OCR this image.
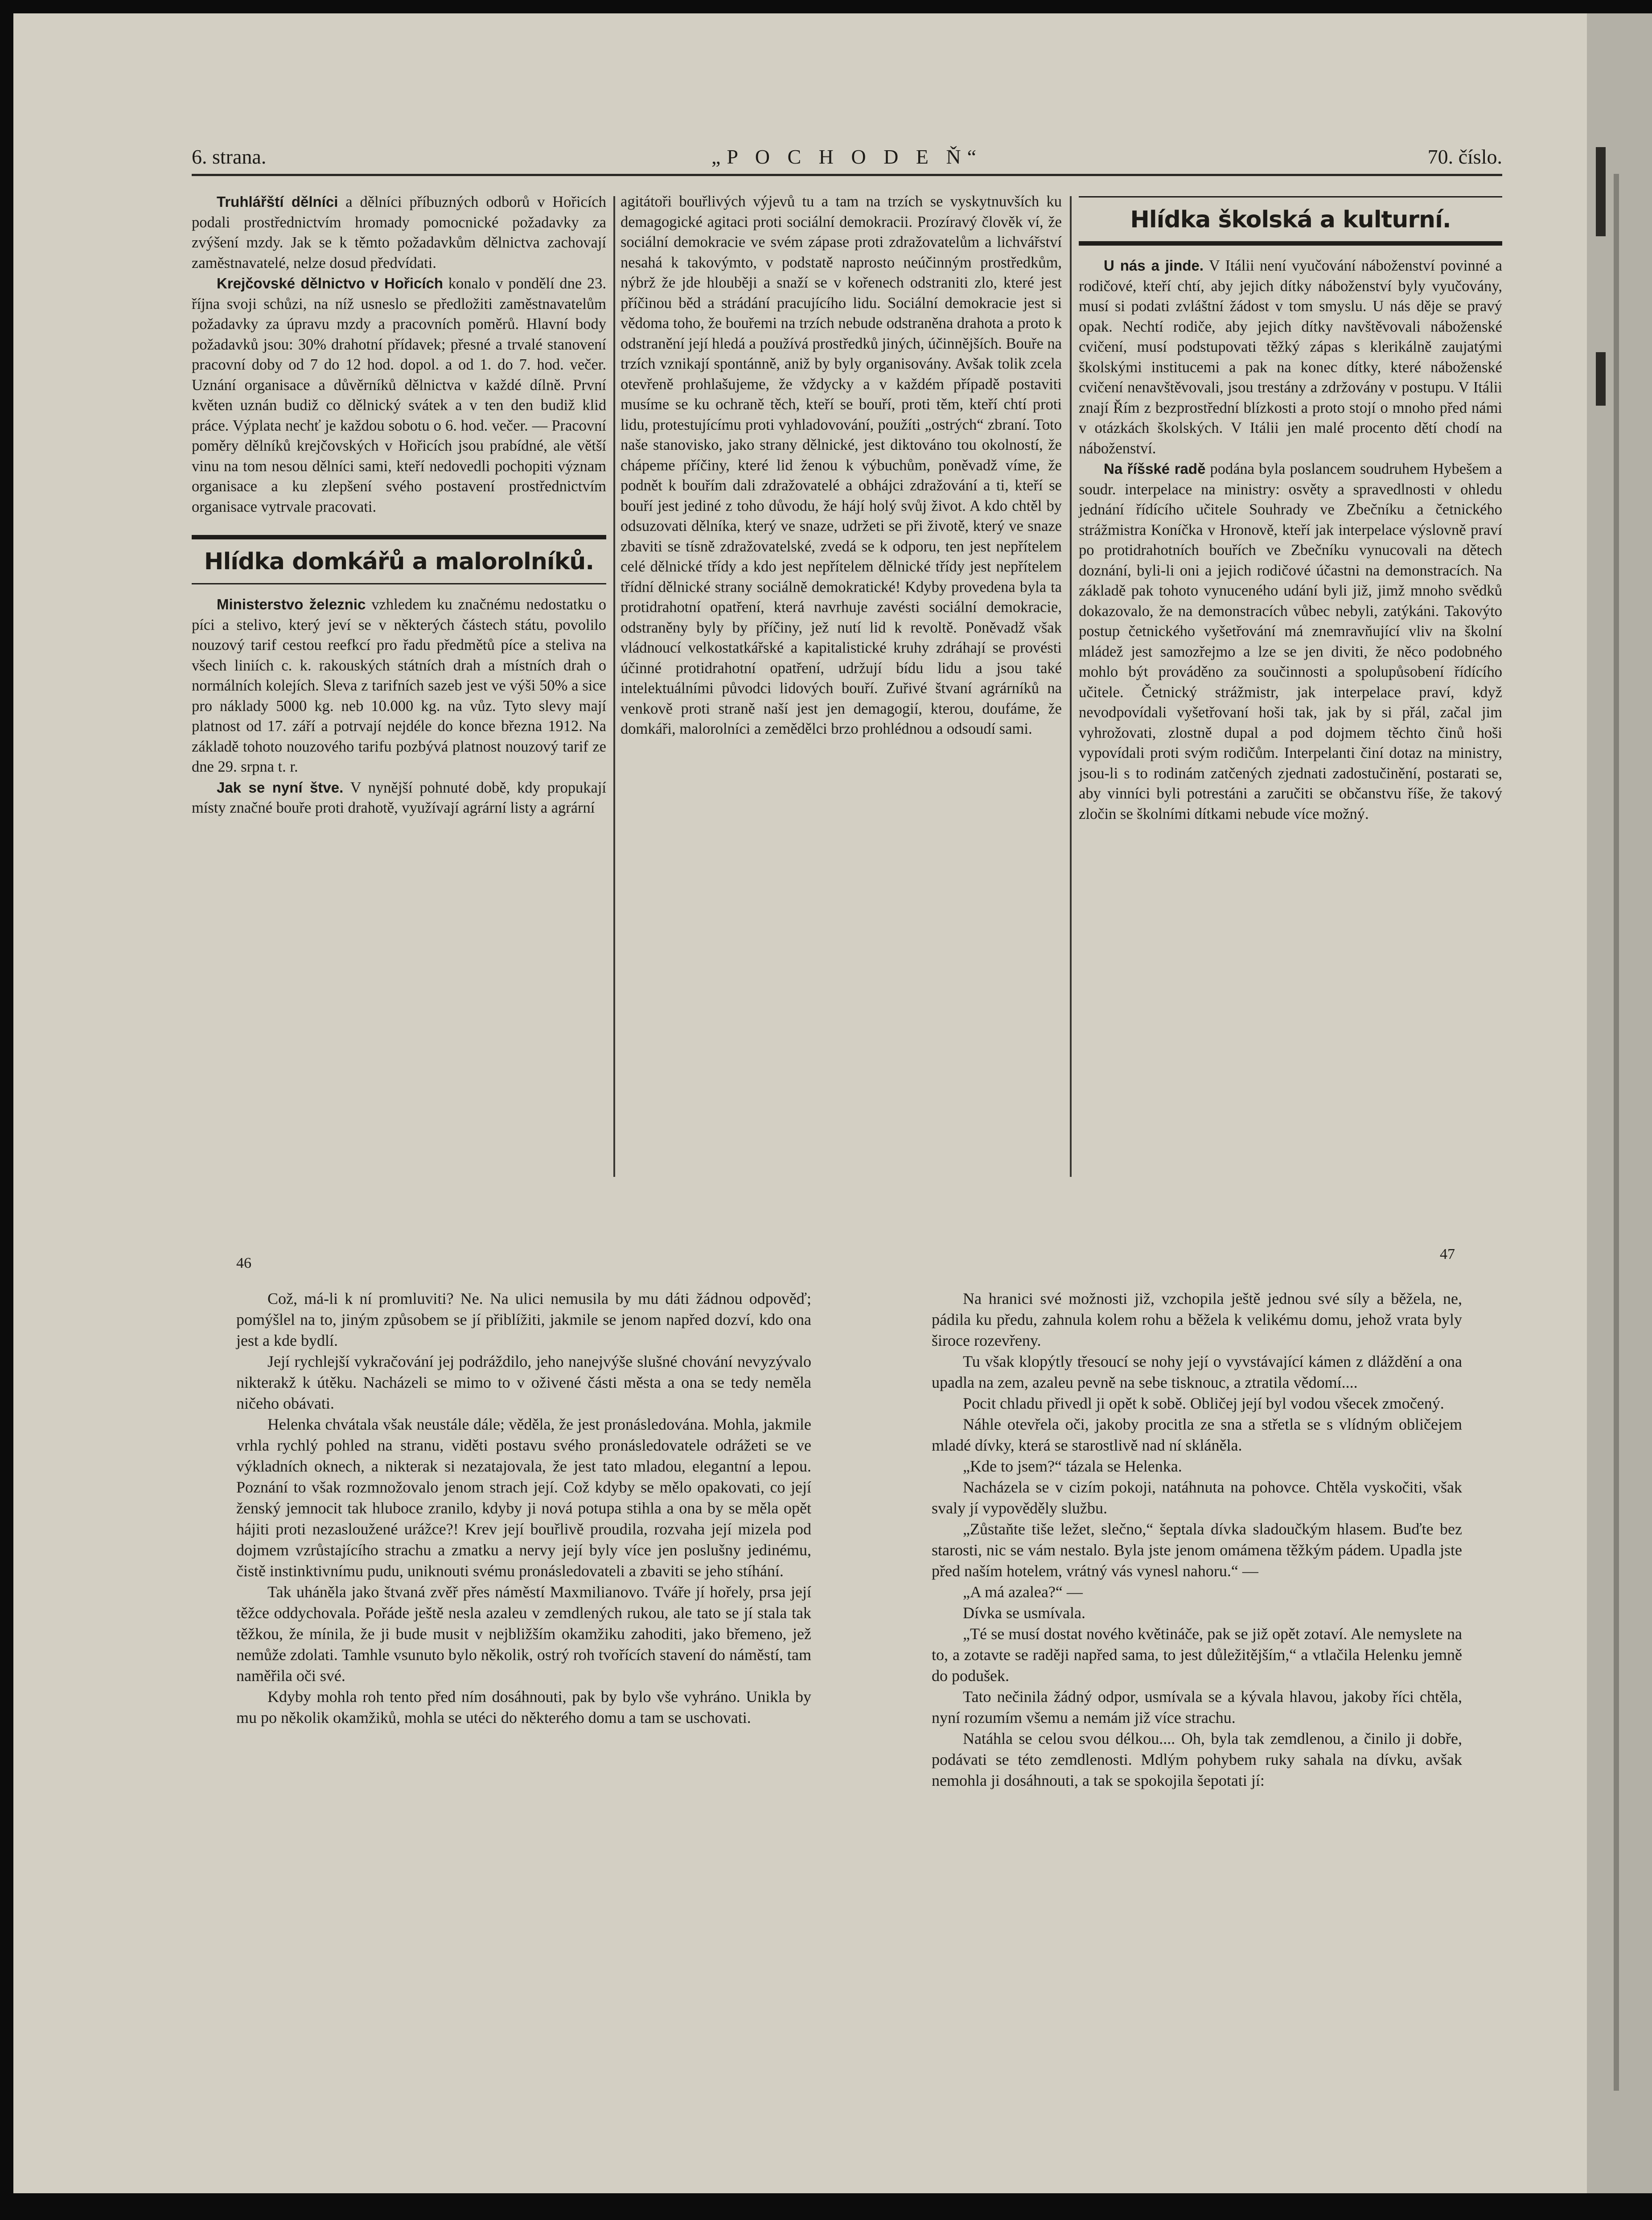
6. strana.	„P O C H O D E Ň“	70. číslo.

Truhlářští dělníci a dělníci příbuzných odborů v Hořicích podali prostřednictvím hromady pomocnické požadavky za zvýšení mzdy. Jak se k těmto požadavkům dělnictva zachovají zaměstnavatelé, nelze dosud předvídati.

Krejčovské dělnictvo v Hořicích konalo v pondělí dne 23. října svoji schůzi, na níž usneslo se předložiti zaměstnavatelům požadavky za úpravu mzdy a pracovních poměrů. Hlavní body požadavků jsou: 30% drahotní přídavek; přesné a trvalé stanovení pracovní doby od 7 do 12 hod. dopol. a od 1. do 7. hod. večer. Uznání organisace a důvěrníků dělnictva v každé dílně. První květen uznán budiž co dělnický svátek a v ten den budiž klid práce. Výplata nechť je každou sobotu o 6. hod. večer. — Pracovní poměry dělníků krejčovských v Hořicích jsou prabídné, ale větší vinu na tom nesou dělníci sami, kteří nedovedli pochopiti význam organisace a ku zlepšení svého postavení prostřednictvím organisace vytrvale pracovati.

Hlídka domkářů a malorolníků.

Ministerstvo železnic vzhledem ku značnému nedostatku o píci a stelivo, který jeví se v některých částech státu, povolilo nouzový tarif cestou reefkcí pro řadu předmětů píce a steliva na všech liniích c. k. rakouských státních drah a místních drah o normálních kolejích. Sleva z tarifních sazeb jest ve výši 50% a sice pro náklady 5000 kg. neb 10.000 kg. na vůz. Tyto slevy mají platnost od 17. září a potrvají nejdéle do konce března 1912. Na základě tohoto nouzového tarifu pozbývá platnost nouzový tarif ze dne 29. srpna t. r.

Jak se nyní štve. V nynější pohnuté době, kdy propukají místy značné bouře proti drahotě, využívají agrární listy a agrární

agitátoři bouřlivých výjevů tu a tam na trzích se vyskytnuvších ku demagogické agitaci proti sociální demokracii. Prozíravý člověk ví, že sociální demokracie ve svém zápase proti zdražovatelům a lichvářství nesahá k takovýmto, v podstatě naprosto neúčinným prostředkům, nýbrž že jde hlouběji a snaží se v kořenech odstraniti zlo, které jest příčinou běd a strádání pracujícího lidu. Sociální demokracie jest si vědoma toho, že bouřemi na trzích nebude odstraněna drahota a proto k odstranění její hledá a používá prostředků jiných, účinnějších. Bouře na trzích vznikají spontánně, aniž by byly organisovány. Avšak tolik zcela otevřeně prohlašujeme, že vždycky a v každém případě postaviti musíme se ku ochraně těch, kteří se bouří, proti těm, kteří chtí proti lidu, protestujícímu proti vyhladovování, použíti „ostrých“ zbraní. Toto naše stanovisko, jako strany dělnické, jest diktováno tou okolností, že chápeme příčiny, které lid ženou k výbuchům, poněvadž víme, že podnět k bouřím dali zdražovatelé a obhájci zdražování a ti, kteří se bouří jest jediné z toho důvodu, že hájí holý svůj život. A kdo chtěl by odsuzovati dělníka, který ve snaze, udržeti se při životě, který ve snaze zbaviti se tísně zdražovatelské, zvedá se k odporu, ten jest nepřítelem celé dělnické třídy a kdo jest nepřítelem dělnické třídy jest nepřítelem třídní dělnické strany sociálně demokratické! Kdyby provedena byla ta protidrahotní opatření, která navrhuje zavésti sociální demokracie, odstraněny byly by příčiny, jež nutí lid k revoltě. Poněvadž však vládnoucí velkostatkářské a kapitalistické kruhy zdráhají se provésti účinné protidrahotní opatření, udržují bídu lidu a jsou také intelektuálními původci lidových bouří. Zuřivé štvaní agrárníků na venkově proti straně naší jest jen demagogií, kterou, doufáme, že domkáři, malorolníci a zemědělci brzo prohlédnou a odsoudí sami.

Hlídka školská a kulturní.

U nás a jinde. V Itálii není vyučování náboženství povinné a rodičové, kteří chtí, aby jejich dítky náboženství byly vyučovány, musí si podati zvláštní žádost v tom smyslu. U nás děje se pravý opak. Nechtí rodiče, aby jejich dítky navštěvovali náboženské cvičení, musí podstupovati těžký zápas s klerikálně zaujatými školskými institucemi a pak na konec dítky, které náboženské cvičení nenavštěvovali, jsou trestány a zdržovány v postupu. V Itálii znají Řím z bezprostřední blízkosti a proto stojí o mnoho před námi v otázkách školských. V Itálii jen malé procento dětí chodí na náboženství.

Na říšské radě podána byla poslancem soudruhem Hybešem a soudr. interpelace na ministry: osvěty a spravedlnosti v ohledu jednání řídícího učitele Souhrady ve Zbečníku a četnického strážmistra Koníčka v Hronově, kteří jak interpelace výslovně praví po protidrahotních bouřích ve Zbečníku vynucovali na dětech doznání, byli-li oni a jejich rodičové účastni na demonstracích. Na základě pak tohoto vynuceného udání byli již, jimž mnoho svědků dokazovalo, že na demonstracích vůbec nebyli, zatýkáni. Takovýto postup četnického vyšetřování má znemravňující vliv na školní mládež jest samozřejmo a lze se jen diviti, že něco podobného mohlo být prováděno za součinnosti a spolupůsobení řídícího učitele. Četnický strážmistr, jak interpelace praví, když nevodpovídali vyšetřovaní hoši tak, jak by si přál, začal jim vyhrožovati, zlostně dupal a pod dojmem těchto činů hoši vypovídali proti svým rodičům. Interpelanti činí dotaz na ministry, jsou-li s to rodinám zatčených zjednati zadostučinění, postarati se, aby vinníci byli potrestáni a zaručiti se občanstvu říše, že takový zločin se školními dítkami nebude více možný.

46
47

Což, má-li k ní promluviti? Ne. Na ulici nemusila by mu dáti žádnou odpověď; pomýšlel na to, jiným způsobem se jí přiblížiti, jakmile se jenom napřed dozví, kdo ona jest a kde bydlí.

Její rychlejší vykračování jej podráždilo, jeho nanejvýše slušné chování nevyzývalo nikterakž k útěku. Nacházeli se mimo to v oživené části města a ona se tedy neměla ničeho obávati.

Helenka chvátala však neustále dále; věděla, že jest pronásledována. Mohla, jakmile vrhla rychlý pohled na stranu, viděti postavu svého pronásledovatele odrážeti se ve výkladních oknech, a nikterak si nezatajovala, že jest tato mladou, elegantní a lepou. Poznání to však rozmnožovalo jenom strach její. Což kdyby se mělo opakovati, co její ženský jemnocit tak hluboce zranilo, kdyby ji nová potupa stihla a ona by se měla opět hájiti proti nezasloužené urážce?! Krev její bouřlivě proudila, rozvaha její mizela pod dojmem vzrůstajícího strachu a zmatku a nervy její byly více jen poslušny jedinému, čistě instinktivnímu pudu, uniknouti svému pronásledovateli a zbaviti se jeho stíhání.

Tak uháněla jako štvaná zvěř přes náměstí Maxmilianovo. Tváře jí hořely, prsa její těžce oddychovala. Pořáde ještě nesla azaleu v zemdlených rukou, ale tato se jí stala tak těžkou, že mínila, že ji bude musit v nejbližším okamžiku zahoditi, jako břemeno, jež nemůže zdolati. Tamhle vsunuto bylo několik, ostrý roh tvořících stavení do náměstí, tam naměřila oči své.

Kdyby mohla roh tento před ním dosáhnouti, pak by bylo vše vyhráno. Unikla by mu po několik okamžiků, mohla se utéci do některého domu a tam se uschovati.

Na hranici své možnosti již, vzchopila ještě jednou své síly a běžela, ne, pádila ku předu, zahnula kolem rohu a běžela k velikému domu, jehož vrata byly široce rozevřeny.

Tu však klopýtly třesoucí se nohy její o vyvstávající kámen z dláždění a ona upadla na zem, azaleu pevně na sebe tisknouc, a ztratila vědomí....

Pocit chladu přivedl ji opět k sobě. Obličej její byl vodou všecek zmočený.

Náhle otevřela oči, jakoby procitla ze sna a střetla se s vlídným obličejem mladé dívky, která se starostlivě nad ní skláněla.

„Kde to jsem?“ tázala se Helenka.

Nacházela se v cizím pokoji, natáhnuta na pohovce. Chtěla vyskočiti, však svaly jí vypověděly službu.

„Zůstaňte tiše ležet, slečno,“ šeptala dívka sladoučkým hlasem. Buďte bez starosti, nic se vám nestalo. Byla jste jenom omámena těžkým pádem. Upadla jste před naším hotelem, vrátný vás vynesl nahoru.“ —

„A má azalea?“ —

Dívka se usmívala.

„Té se musí dostat nového květináče, pak se již opět zotaví. Ale nemyslete na to, a zotavte se raději napřed sama, to jest důležitějším,“ a vtlačila Helenku jemně do podušek.

Tato nečinila žádný odpor, usmívala se a kývala hlavou, jakoby říci chtěla, nyní rozumím všemu a nemám již více strachu.

Natáhla se celou svou délkou.... Oh, byla tak zemdlenou, a činilo ji dobře, podávati se této zemdlenosti. Mdlým pohybem ruky sahala na dívku, avšak nemohla ji dosáhnouti, a tak se spokojila šepotati jí:
